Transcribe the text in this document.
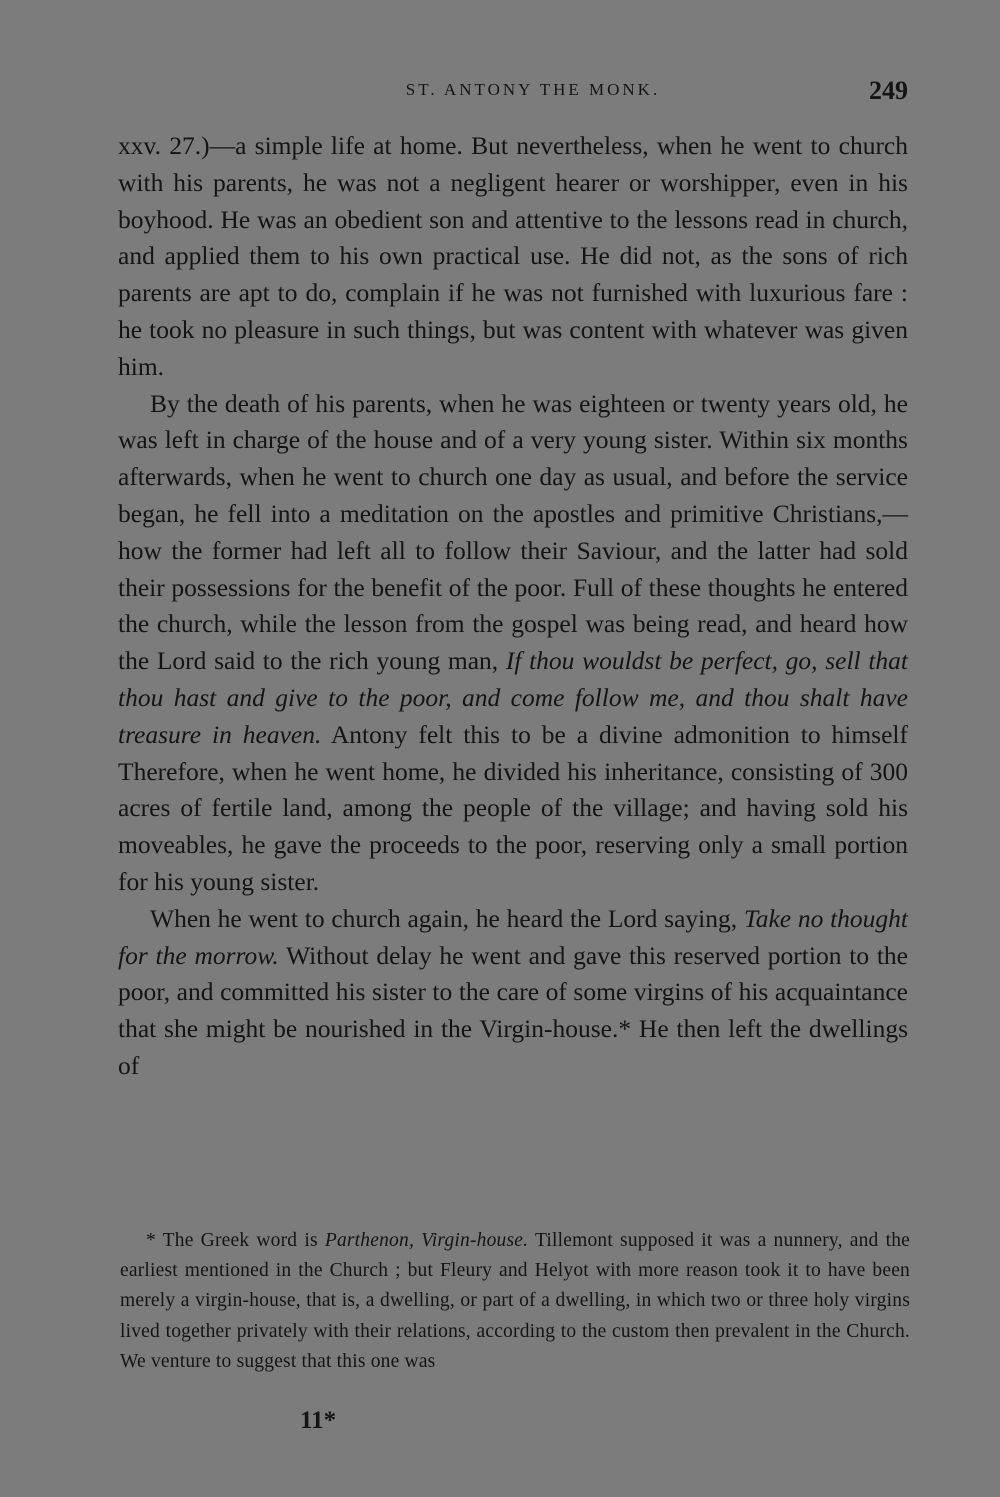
ST. ANTONY THE MONK.	249

xxv. 27.)—a simple life at home. But nevertheless, when he went to church with his parents, he was not a negligent hearer or worshipper, even in his boyhood. He was an obedient son and attentive to the lessons read in church, and applied them to his own practical use. He did not, as the sons of rich parents are apt to do, complain if he was not furnished with luxurious fare : he took no pleasure in such things, but was content with whatever was given him.

By the death of his parents, when he was eighteen or twenty years old, he was left in charge of the house and of a very young sister. Within six months afterwards, when he went to church one day as usual, and before the service began, he fell into a meditation on the apostles and primitive Christians,—how the former had left all to follow their Saviour, and the latter had sold their possessions for the benefit of the poor. Full of these thoughts he entered the church, while the lesson from the gospel was being read, and heard how the Lord said to the rich young man, If thou wouldst be perfect, go, sell that thou hast and give to the poor, and come follow me, and thou shalt have treasure in heaven. Antony felt this to be a divine admonition to himself Therefore, when he went home, he divided his inheritance, consisting of 300 acres of fertile land, among the people of the village; and having sold his moveables, he gave the proceeds to the poor, reserving only a small portion for his young sister.

When he went to church again, he heard the Lord saying, Take no thought for the morrow. Without delay he went and gave this reserved portion to the poor, and committed his sister to the care of some virgins of his acquaintance that she might be nourished in the Virgin-house.* He then left the dwellings of

* The Greek word is Parthenon, Virgin-house. Tillemont supposed it was a nunnery, and the earliest mentioned in the Church ; but Fleury and Helyot with more reason took it to have been merely a virgin-house, that is, a dwelling, or part of a dwelling, in which two or three holy virgins lived together privately with their relations, according to the custom then prevalent in the Church. We venture to suggest that this one was

11*
